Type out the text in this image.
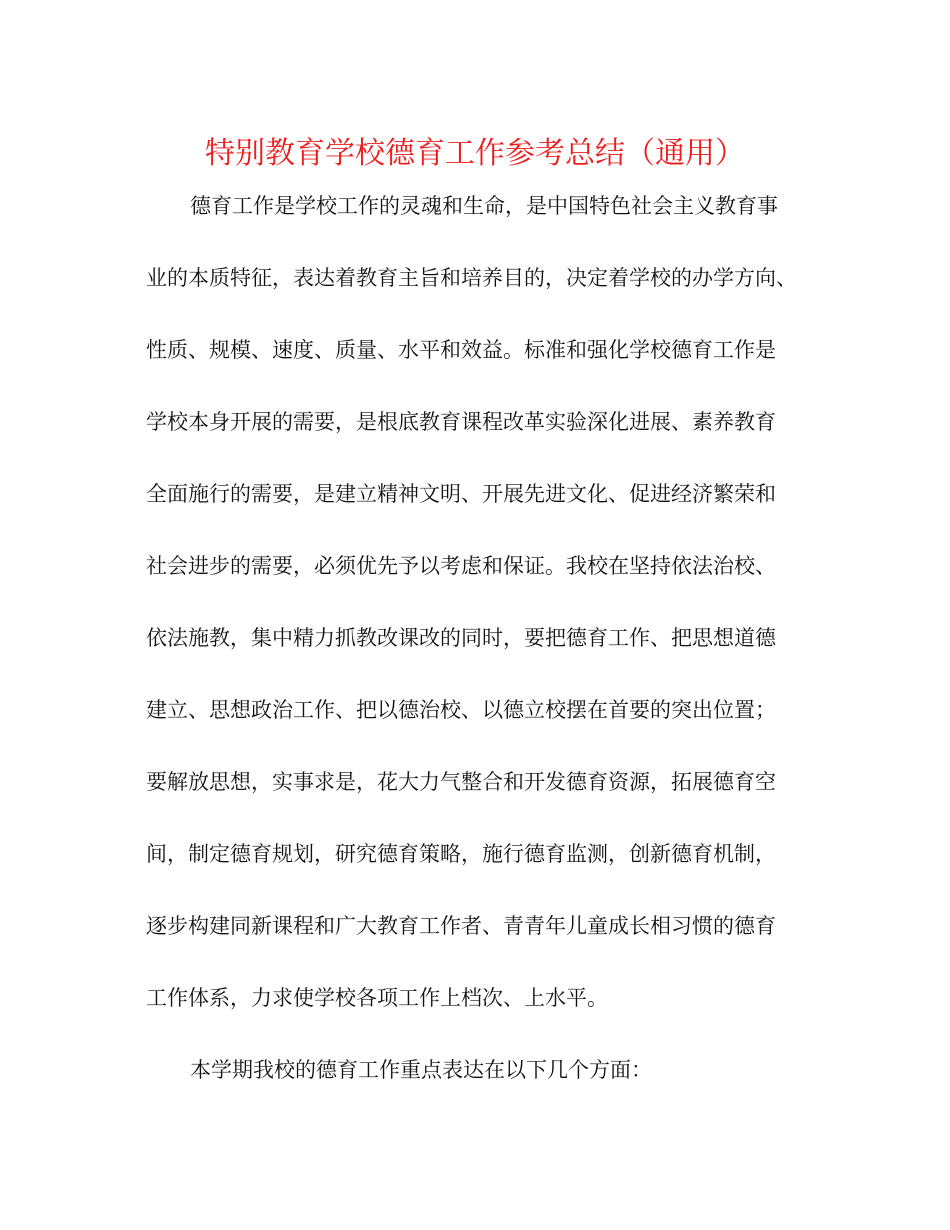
特别教育学校德育工作参考总结（通用）
德育工作是学校工作的灵魂和生命，是中国特色社会主义教育事
业的本质特征，表达着教育主旨和培养目的，决定着学校的办学方向、
性质、规模、速度、质量、水平和效益。标准和强化学校德育工作是
学校本身开展的需要，是根底教育课程改革实验深化进展、素养教育
全面施行的需要，是建立精神文明、开展先进文化、促进经济繁荣和
社会进步的需要，必须优先予以考虑和保证。我校在坚持依法治校、
依法施教，集中精力抓教改课改的同时，要把德育工作、把思想道德
建立、思想政治工作、把以德治校、以德立校摆在首要的突出位置；
要解放思想，实事求是，花大力气整合和开发德育资源，拓展德育空
间，制定德育规划，研究德育策略，施行德育监测，创新德育机制，
逐步构建同新课程和广大教育工作者、青青年儿童成长相习惯的德育
工作体系，力求使学校各项工作上档次、上水平。
本学期我校的德育工作重点表达在以下几个方面：
